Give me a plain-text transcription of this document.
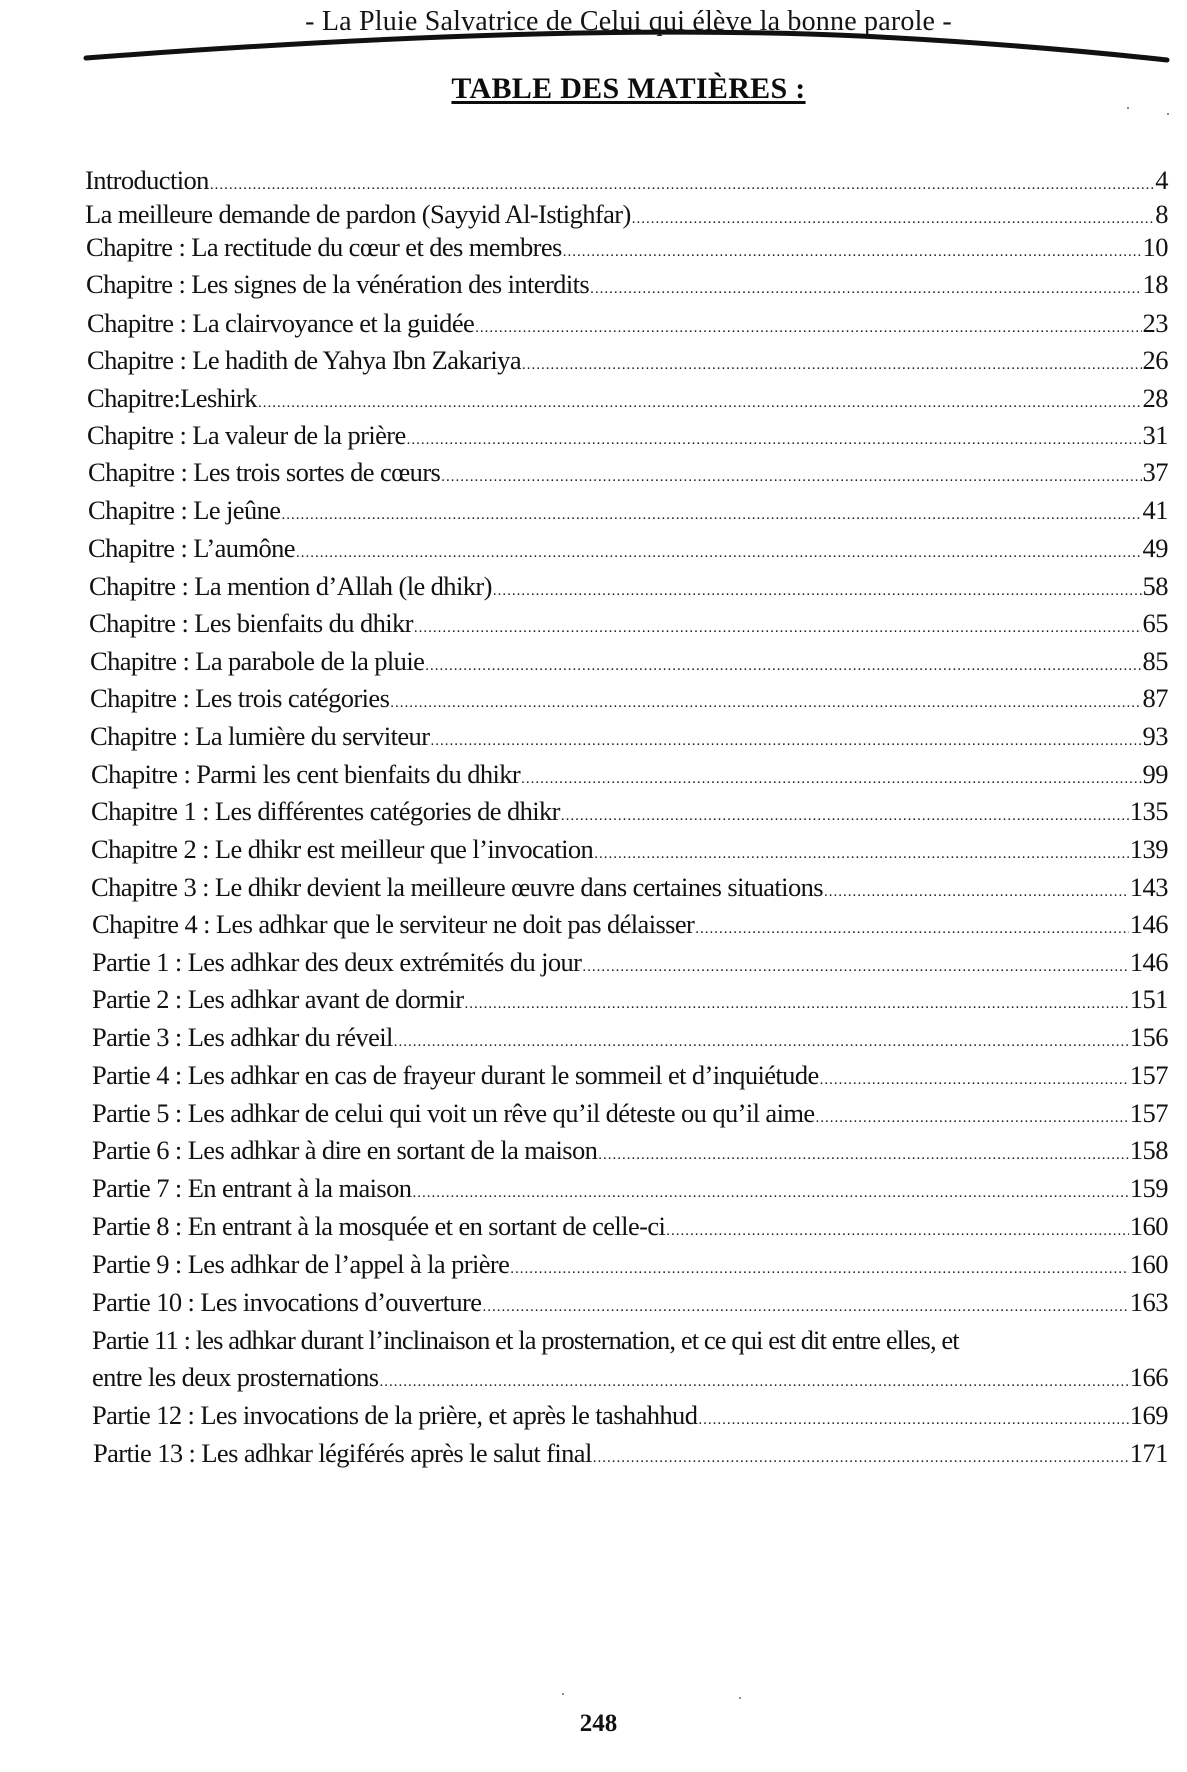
- La Pluie Salvatrice de Celui qui élève la bonne parole -
TABLE DES MATIÈRES :
Introduction .....	4
La meilleure demande de pardon (Sayyid Al-Istighfar) .....	8
Chapitre : La rectitude du cœur et des membres .....	10
Chapitre : Les signes de la vénération des interdits .....	18
Chapitre : La clairvoyance et la guidée .....	23
Chapitre : Le hadith de Yahya Ibn Zakariya .....	26
Chapitre:Leshirk .....	28
Chapitre : La valeur de la prière .....	31
Chapitre : Les trois sortes de cœurs .....	37
Chapitre : Le jeûne .....	41
Chapitre : L’aumône .....	49
Chapitre : La mention d’Allah (le dhikr) .....	58
Chapitre : Les bienfaits du dhikr .....	65
Chapitre : La parabole de la pluie .....	85
Chapitre : Les trois catégories .....	87
Chapitre : La lumière du serviteur .....	93
Chapitre : Parmi les cent bienfaits du dhikr .....	99
Chapitre 1 : Les différentes catégories de dhikr .....	135
Chapitre 2 : Le dhikr est meilleur que l’invocation .....	139
Chapitre 3 : Le dhikr devient la meilleure œuvre dans certaines situations .....	143
Chapitre 4 : Les adhkar que le serviteur ne doit pas délaisser .....	146
Partie 1 : Les adhkar des deux extrémités du jour .....	146
Partie 2 : Les adhkar avant de dormir .....	151
Partie 3 : Les adhkar du réveil .....	156
Partie 4 : Les adhkar en cas de frayeur durant le sommeil et d’inquiétude .....	157
Partie 5 : Les adhkar de celui qui voit un rêve qu’il déteste ou qu’il aime .....	157
Partie 6 : Les adhkar à dire en sortant de la maison .....	158
Partie 7 : En entrant à la maison .....	159
Partie 8 : En entrant à la mosquée et en sortant de celle-ci .....	160
Partie 9 : Les adhkar de l’appel à la prière .....	160
Partie 10 : Les invocations d’ouverture .....	163
Partie 11 : les adhkar durant l’inclinaison et la prosternation, et ce qui est dit entre elles, et
entre les deux prosternations .....	166
Partie 12 : Les invocations de la prière, et après le tashahhud .....	169
Partie 13 : Les adhkar légiférés après le salut final .....	171
248
